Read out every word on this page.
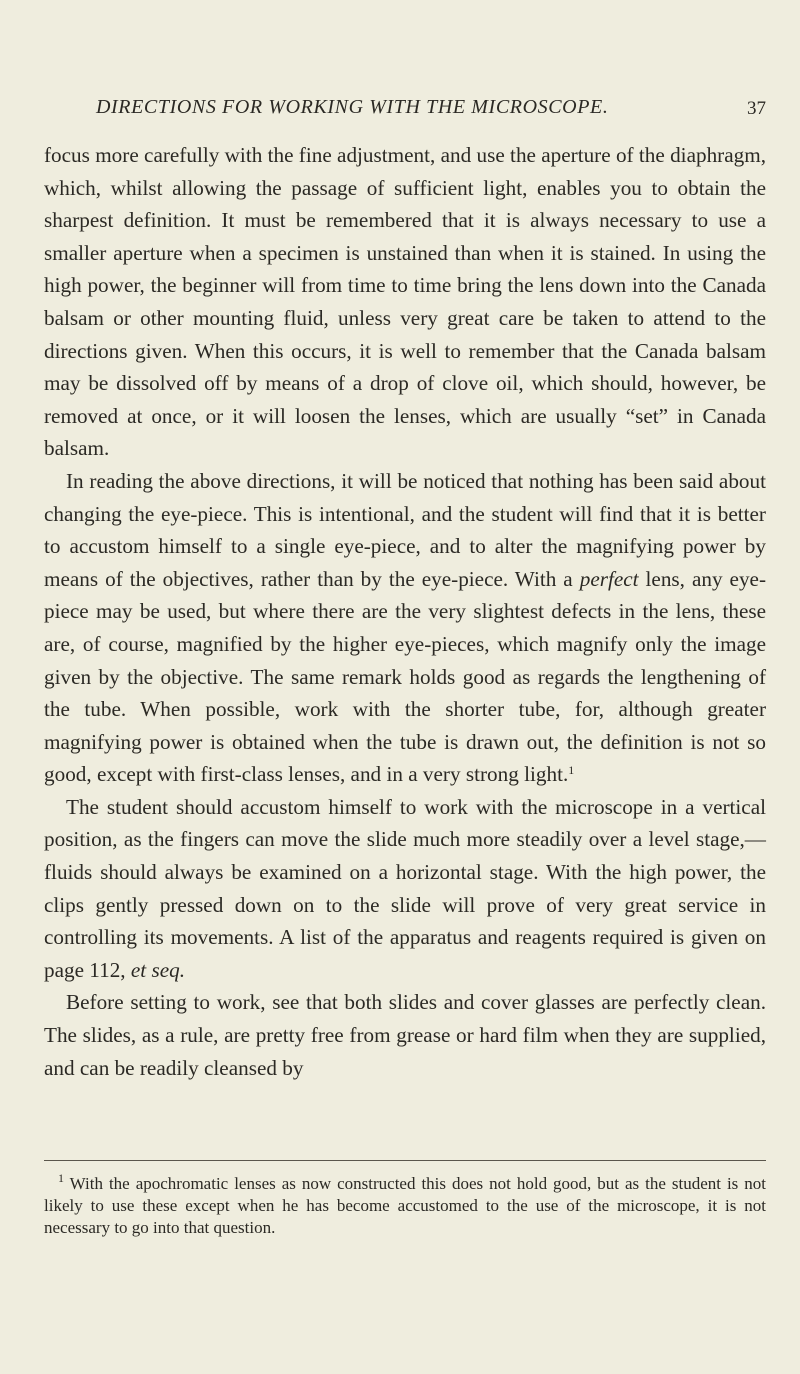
DIRECTIONS FOR WORKING WITH THE MICROSCOPE.	37

focus more carefully with the fine adjustment, and use the aperture of the diaphragm, which, whilst allowing the passage of sufficient light, enables you to obtain the sharpest definition. It must be remembered that it is always necessary to use a smaller aperture when a specimen is unstained than when it is stained. In using the high power, the beginner will from time to time bring the lens down into the Canada balsam or other mounting fluid, unless very great care be taken to attend to the directions given. When this occurs, it is well to remember that the Canada balsam may be dissolved off by means of a drop of clove oil, which should, however, be removed at once, or it will loosen the lenses, which are usually “set” in Canada balsam.

In reading the above directions, it will be noticed that nothing has been said about changing the eye-piece. This is intentional, and the student will find that it is better to accustom himself to a single eye-piece, and to alter the magnifying power by means of the objectives, rather than by the eye-piece. With a perfect lens, any eye-piece may be used, but where there are the very slightest defects in the lens, these are, of course, magnified by the higher eye-pieces, which magnify only the image given by the objective. The same remark holds good as regards the lengthening of the tube. When possible, work with the shorter tube, for, although greater magnifying power is obtained when the tube is drawn out, the definition is not so good, except with first-class lenses, and in a very strong light.$^1$

The student should accustom himself to work with the microscope in a vertical position, as the fingers can move the slide much more steadily over a level stage,—fluids should always be examined on a horizontal stage. With the high power, the clips gently pressed down on to the slide will prove of very great service in controlling its movements. A list of the apparatus and reagents required is given on page 112, et seq.

Before setting to work, see that both slides and cover glasses are perfectly clean. The slides, as a rule, are pretty free from grease or hard film when they are supplied, and can be readily cleansed by

$^1$ With the apochromatic lenses as now constructed this does not hold good, but as the student is not likely to use these except when he has become accustomed to the use of the microscope, it is not necessary to go into that question.
